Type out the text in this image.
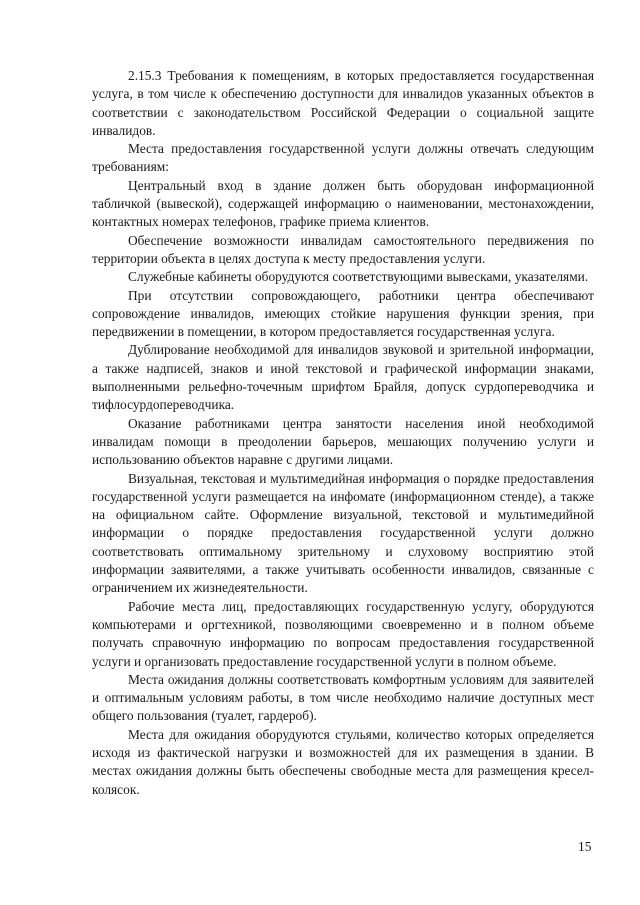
2.15.3 Требования к помещениям, в которых предоставляется государственная услуга, в том числе к обеспечению доступности для инвалидов указанных объектов в соответствии с законодательством Российской Федерации о социальной защите инвалидов.

Места предоставления государственной услуги должны отвечать следующим требованиям:

Центральный вход в здание должен быть оборудован информационной табличкой (вывеской), содержащей информацию о наименовании, местонахождении, контактных номерах телефонов, графике приема клиентов.

Обеспечение возможности инвалидам самостоятельного передвижения по территории объекта в целях доступа к месту предоставления услуги.

Служебные кабинеты оборудуются соответствующими вывесками, указателями.

При отсутствии сопровождающего, работники центра обеспечивают сопровождение инвалидов, имеющих стойкие нарушения функции зрения, при передвижении в помещении, в котором предоставляется государственная услуга.

Дублирование необходимой для инвалидов звуковой и зрительной информации, а также надписей, знаков и иной текстовой и графической информации знаками, выполненными рельефно-точечным шрифтом Брайля, допуск сурдопереводчика и тифлосурдопереводчика.

Оказание работниками центра занятости населения иной необходимой инвалидам помощи в преодолении барьеров, мешающих получению услуги и использованию объектов наравне с другими лицами.

Визуальная, текстовая и мультимедийная информация о порядке предоставления государственной услуги размещается на инфомате (информационном стенде), а также на официальном сайте. Оформление визуальной, текстовой и мультимедийной информации о порядке предоставления государственной услуги должно соответствовать оптимальному зрительному и слуховому восприятию этой информации заявителями, а также учитывать особенности инвалидов, связанные с ограничением их жизнедеятельности.

Рабочие места лиц, предоставляющих государственную услугу, оборудуются компьютерами и оргтехникой, позволяющими своевременно и в полном объеме получать справочную информацию по вопросам предоставления государственной услуги и организовать предоставление государственной услуги в полном объеме.

Места ожидания должны соответствовать комфортным условиям для заявителей и оптимальным условиям работы, в том числе необходимо наличие доступных мест общего пользования (туалет, гардероб).

Места для ожидания оборудуются стульями, количество которых определяется исходя из фактической нагрузки и возможностей для их размещения в здании. В местах ожидания должны быть обеспечены свободные места для размещения кресел-колясок.

15
